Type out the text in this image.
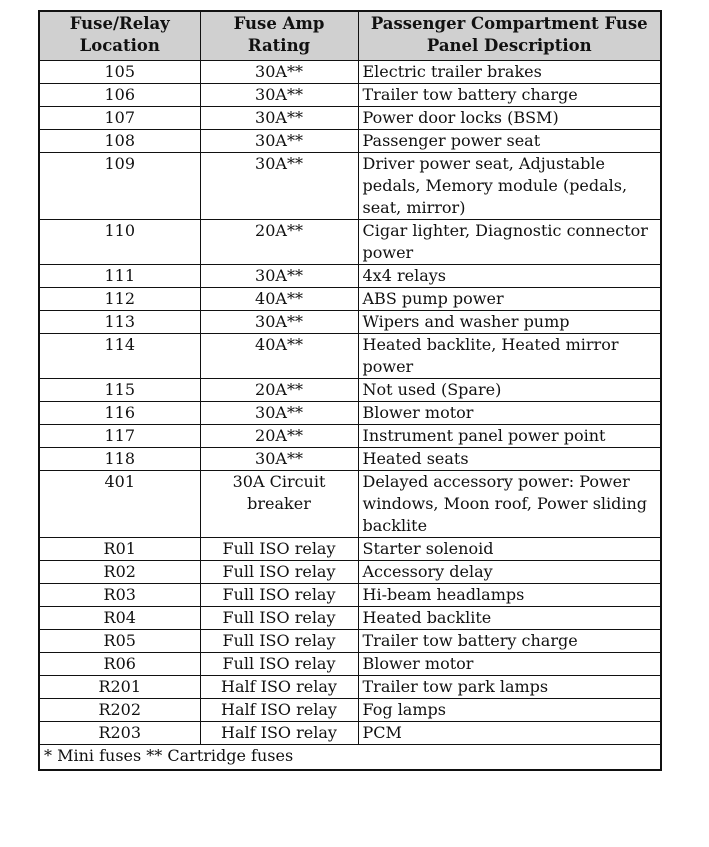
Fuse/Relay Location	Fuse Amp Rating	Passenger Compartment Fuse Panel Description
105	30A**	Electric trailer brakes
106	30A**	Trailer tow battery charge
107	30A**	Power door locks (BSM)
108	30A**	Passenger power seat
109	30A**	Driver power seat, Adjustable pedals, Memory module (pedals, seat, mirror)
110	20A**	Cigar lighter, Diagnostic connector power
111	30A**	4x4 relays
112	40A**	ABS pump power
113	30A**	Wipers and washer pump
114	40A**	Heated backlite, Heated mirror power
115	20A**	Not used (Spare)
116	30A**	Blower motor
117	20A**	Instrument panel power point
118	30A**	Heated seats
401	30A Circuit breaker	Delayed accessory power: Power windows, Moon roof, Power sliding backlite
R01	Full ISO relay	Starter solenoid
R02	Full ISO relay	Accessory delay
R03	Full ISO relay	Hi-beam headlamps
R04	Full ISO relay	Heated backlite
R05	Full ISO relay	Trailer tow battery charge
R06	Full ISO relay	Blower motor
R201	Half ISO relay	Trailer tow park lamps
R202	Half ISO relay	Fog lamps
R203	Half ISO relay	PCM
* Mini fuses ** Cartridge fuses		
